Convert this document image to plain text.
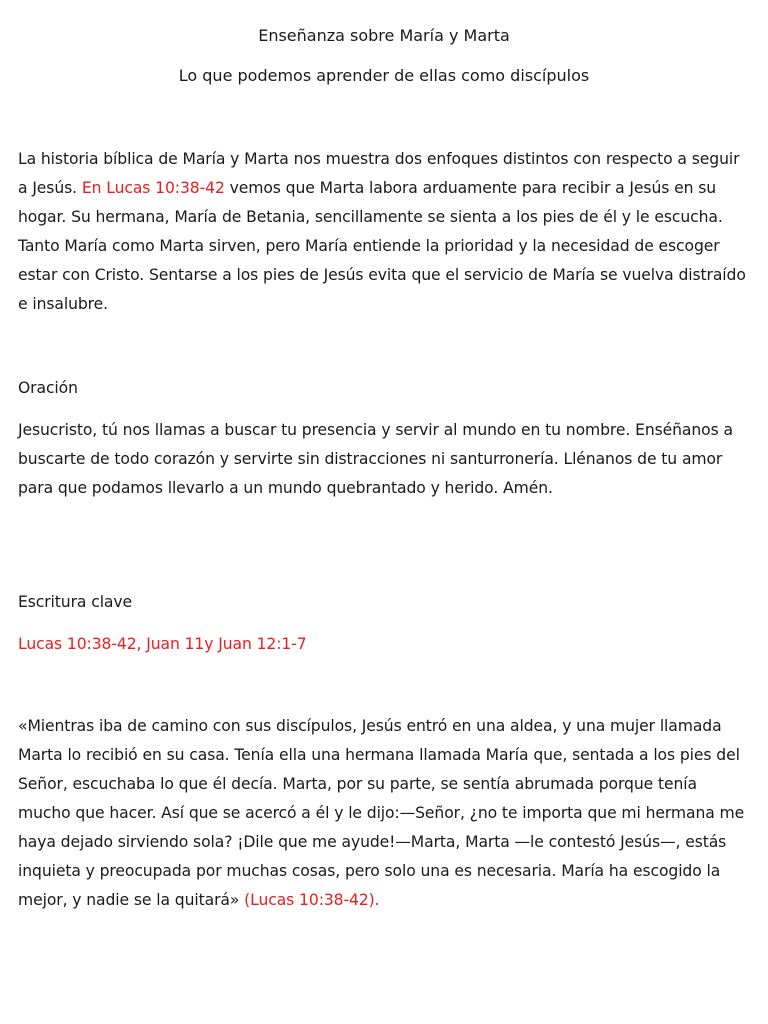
Enseñanza sobre María y Marta

Lo que podemos aprender de ellas como discípulos

La historia bíblica de María y Marta nos muestra dos enfoques distintos con respecto a seguir a Jesús. En Lucas 10:38-42 vemos que Marta labora arduamente para recibir a Jesús en su hogar. Su hermana, María de Betania, sencillamente se sienta a los pies de él y le escucha. Tanto María como Marta sirven, pero María entiende la prioridad y la necesidad de escoger estar con Cristo. Sentarse a los pies de Jesús evita que el servicio de María se vuelva distraído e insalubre.

Oración

Jesucristo, tú nos llamas a buscar tu presencia y servir al mundo en tu nombre. Enséñanos a buscarte de todo corazón y servirte sin distracciones ni santurronería. Llénanos de tu amor para que podamos llevarlo a un mundo quebrantado y herido. Amén.

Escritura clave

Lucas 10:38-42, Juan 11y Juan 12:1-7

«Mientras iba de camino con sus discípulos, Jesús entró en una aldea, y una mujer llamada Marta lo recibió en su casa. Tenía ella una hermana llamada María que, sentada a los pies del Señor, escuchaba lo que él decía. Marta, por su parte, se sentía abrumada porque tenía mucho que hacer. Así que se acercó a él y le dijo:—Señor, ¿no te importa que mi hermana me haya dejado sirviendo sola? ¡Dile que me ayude!—Marta, Marta —le contestó Jesús—, estás inquieta y preocupada por muchas cosas, pero solo una es necesaria. María ha escogido la mejor, y nadie se la quitará» (Lucas 10:38-42).
